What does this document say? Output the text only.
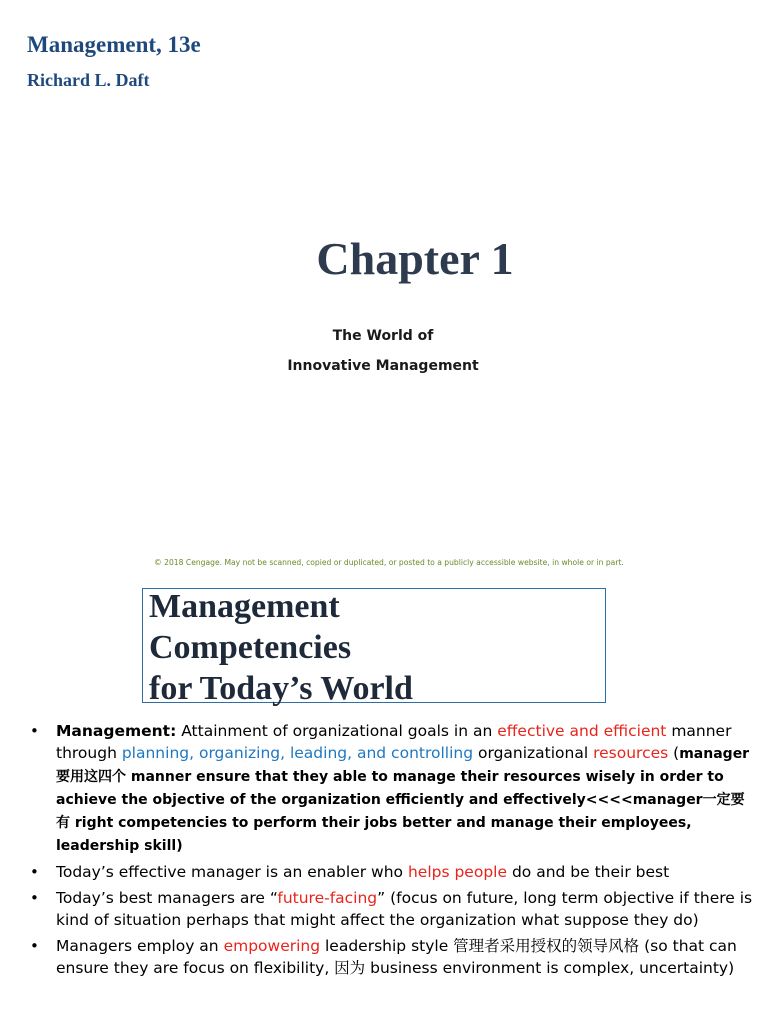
Management, 13e
Richard L. Daft
Chapter 1
The World of
Innovative Management
© 2018 Cengage. May not be scanned, copied or duplicated, or posted to a publicly accessible website, in whole or in part.
Management
Competencies
for Today’s World
• Management: Attainment of organizational goals in an effective and efficient manner through planning, organizing, leading, and controlling organizational resources (manager要用这四个 manner ensure that they able to manage their resources wisely in order to achieve the objective of the organization efficiently and effectively<<<<manager一定要有 right competencies to perform their jobs better and manage their employees, leadership skill)
• Today’s effective manager is an enabler who helps people do and be their best
• Today’s best managers are “future-facing” (focus on future, long term objective if there is kind of situation perhaps that might affect the organization what suppose they do)
• Managers employ an empowering leadership style 管理者采用授权的领导风格 (so that can ensure they are focus on flexibility, 因为 business environment is complex, uncertainty)
